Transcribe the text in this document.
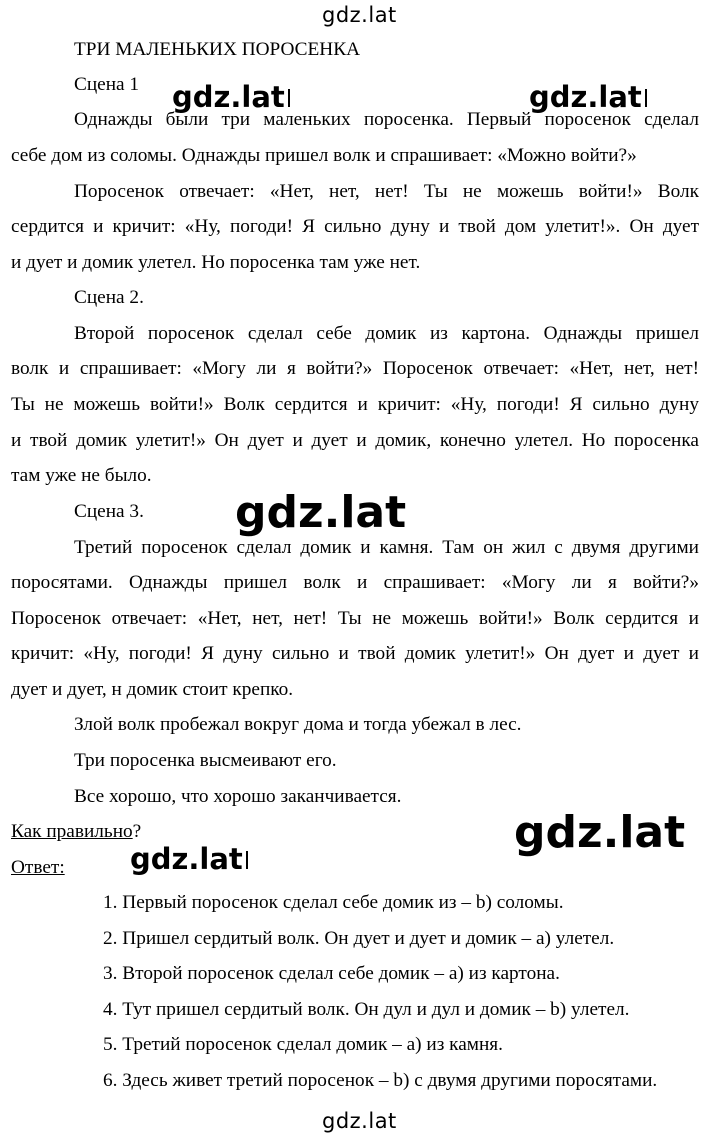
gdz.lat
gdz.lat	gdz.lat
gdz.lat
gdz.lat
gdz.lat
gdz.lat
ТРИ МАЛЕНЬКИХ ПОРОСЕНКА
Сцена 1
Однажды были три маленьких поросенка. Первый поросенок сделал
себе дом из соломы. Однажды пришел волк и спрашивает: «Можно войти?»
Поросенок отвечает: «Нет, нет, нет! Ты не можешь войти!» Волк
сердится и кричит: «Ну, погоди! Я сильно дуну и твой дом улетит!». Он дует
и дует и домик улетел. Но поросенка там уже нет.
Сцена 2.
Второй поросенок сделал себе домик из картона. Однажды пришел
волк и спрашивает: «Могу ли я войти?» Поросенок отвечает: «Нет, нет, нет!
Ты не можешь войти!» Волк сердится и кричит: «Ну, погоди! Я сильно дуну
и твой домик улетит!» Он дует и дует и домик, конечно улетел. Но поросенка
там уже не было.
Сцена 3.
Третий поросенок сделал домик и камня. Там он жил с двумя другими
поросятами. Однажды пришел волк и спрашивает: «Могу ли я войти?»
Поросенок отвечает: «Нет, нет, нет! Ты не можешь войти!» Волк сердится и
кричит: «Ну, погоди! Я дуну сильно и твой домик улетит!» Он дует и дует и
дует и дует, н домик стоит крепко.
Злой волк пробежал вокруг дома и тогда убежал в лес.
Три поросенка высмеивают его.
Все хорошо, что хорошо заканчивается.
Как правильно?
Ответ:
1. Первый поросенок сделал себе домик из – b) соломы.
2. Пришел сердитый волк. Он дует и дует и домик – а) улетел.
3. Второй поросенок сделал себе домик – а) из картона.
4. Тут пришел сердитый волк. Он дул и дул и домик – b) улетел.
5. Третий поросенок сделал домик – а) из камня.
6. Здесь живет третий поросенок – b) с двумя другими поросятами.
